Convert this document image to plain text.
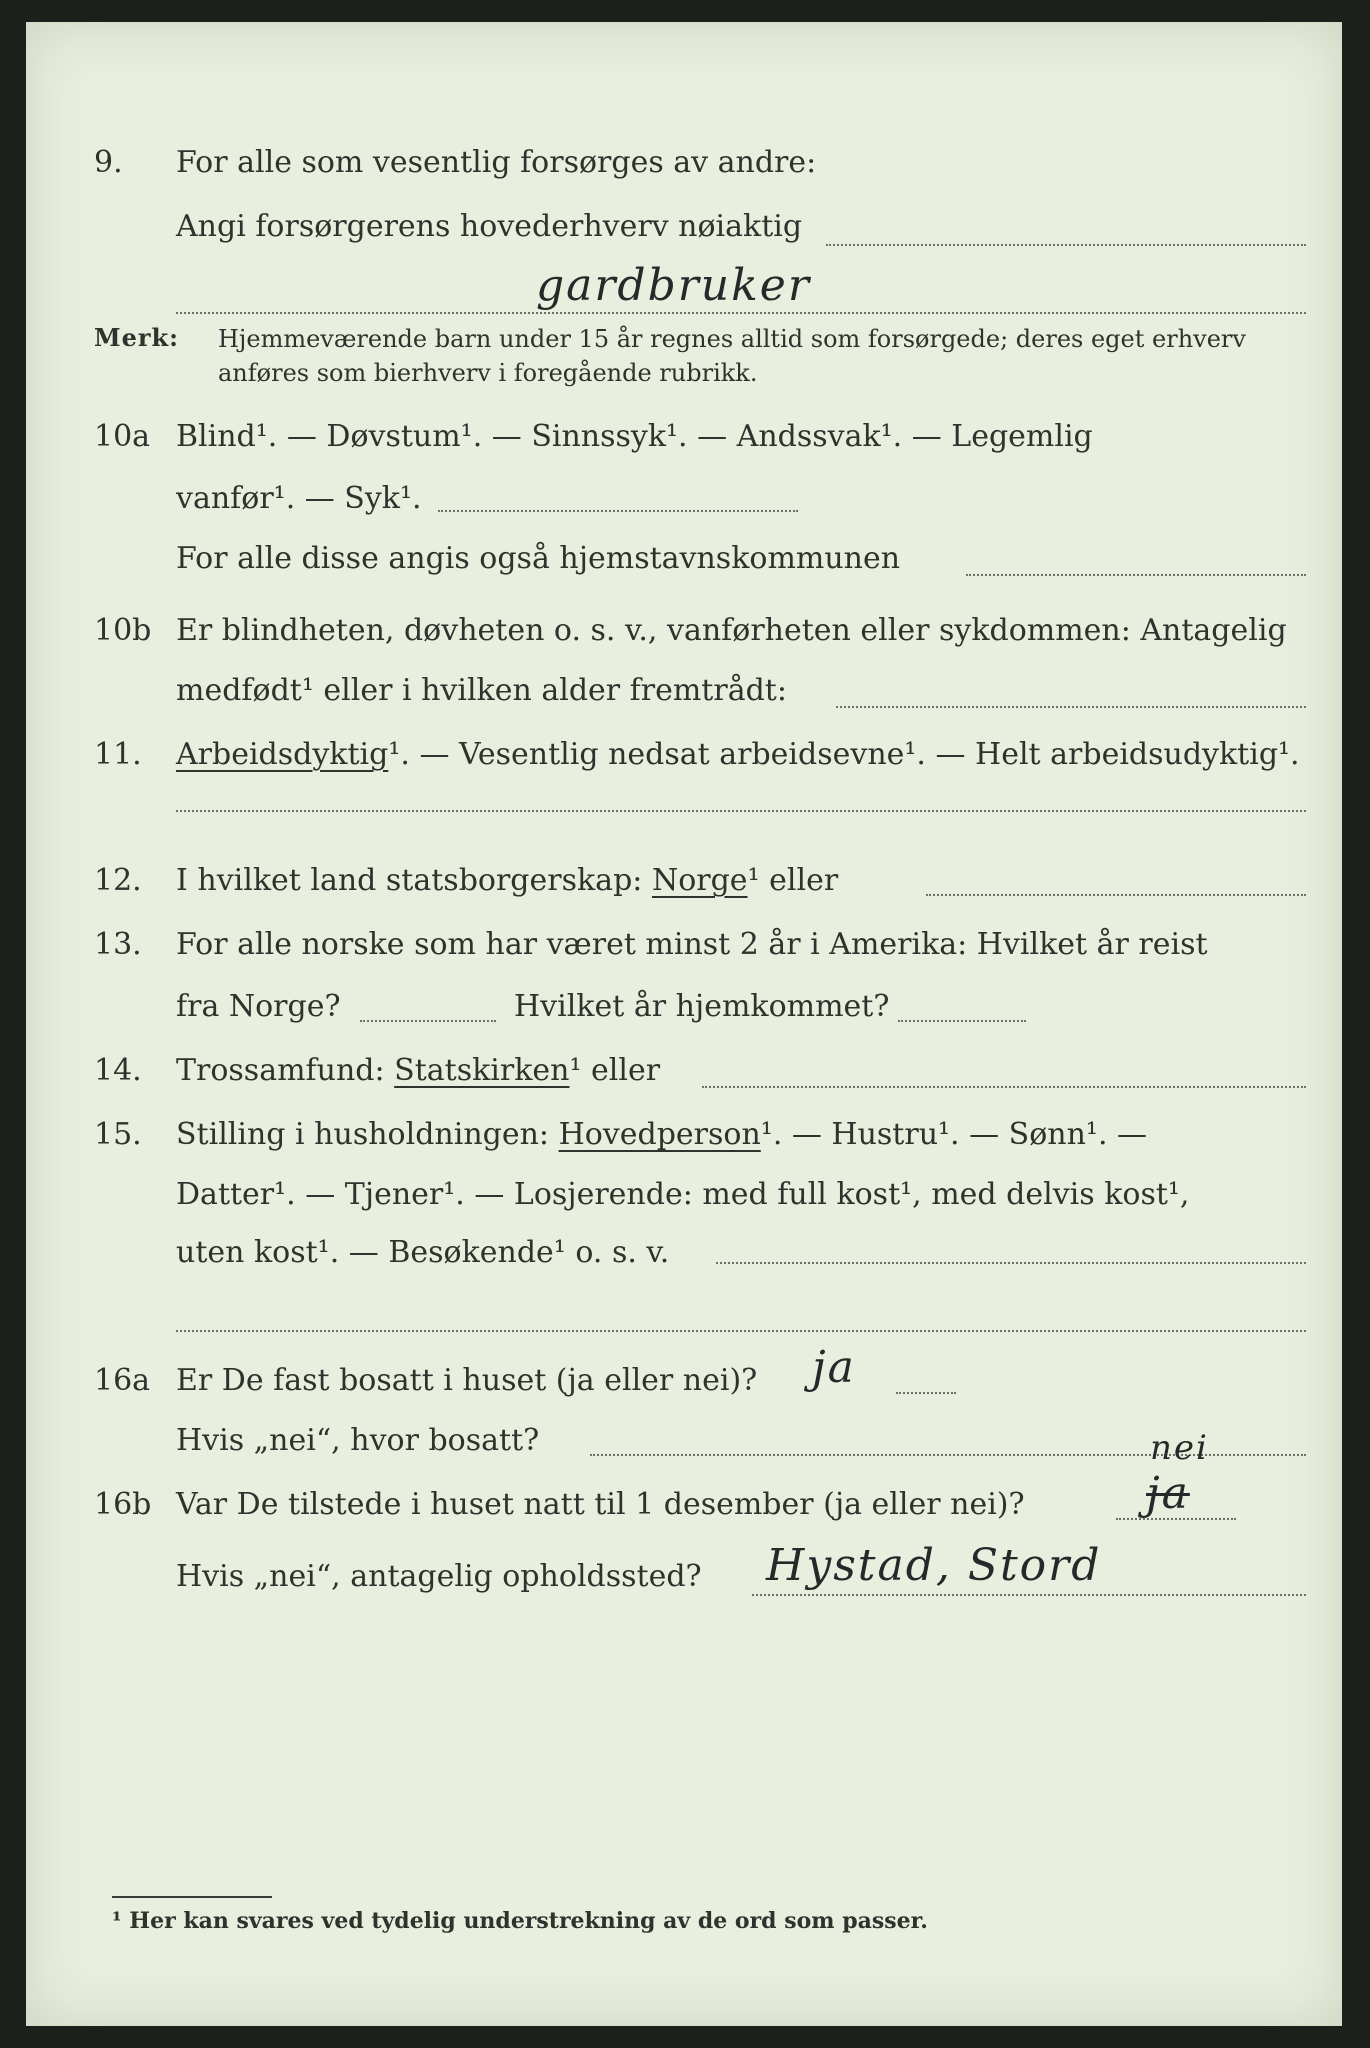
9. For alle som vesentlig forsørges av andre:
Angi forsørgerens hovederhverv nøiaktig
gardbruker
Merk: Hjemmeværende barn under 15 år regnes alltid som forsørgede; deres eget erhverv
anføres som bierhverv i foregående rubrikk.
10a Blind¹. — Døvstum¹. — Sinnssyk¹. — Andssvak¹. — Legemlig
vanfør¹. — Syk¹.
For alle disse angis også hjemstavnskommunen
10b Er blindheten, døvheten o. s. v., vanførheten eller sykdommen: Antagelig
medfødt¹ eller i hvilken alder fremtrådt:
11. Arbeidsdyktig¹. — Vesentlig nedsat arbeidsevne¹. — Helt arbeidsudyktig¹.
12. I hvilket land statsborgerskap: Norge¹ eller
13. For alle norske som har været minst 2 år i Amerika: Hvilket år reist
fra Norge?	Hvilket år hjemkommet?
14. Trossamfund: Statskirken¹ eller
15. Stilling i husholdningen: Hovedperson¹. — Hustru¹. — Sønn¹. —
Datter¹. — Tjener¹. — Losjerende: med full kost¹, med delvis kost¹,
uten kost¹. — Besøkende¹ o. s. v.
16a Er De fast bosatt i huset (ja eller nei)? ja
Hvis „nei“, hvor bosatt?
16b Var De tilstede i huset natt til 1 desember (ja eller nei)?	ja
nei
Hvis „nei“, antagelig opholdssted? Hystad, Stord
¹ Her kan svares ved tydelig understrekning av de ord som passer.
